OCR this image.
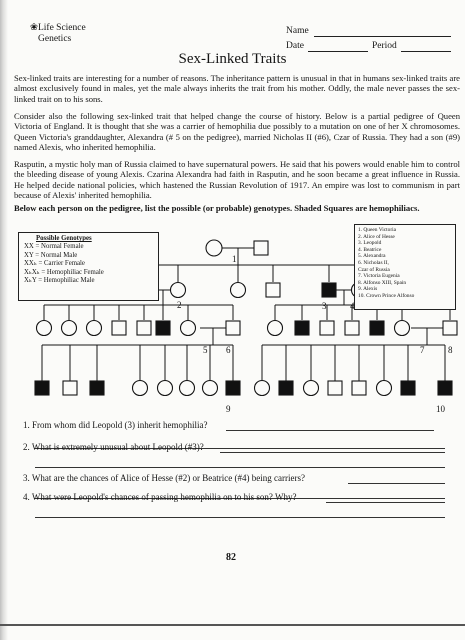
❀Life Science
Genetics
Name
Date	Period
Sex-Linked Traits

Sex-linked traits are interesting for a number of reasons. The inheritance pattern is unusual in that in humans sex-linked traits are almost exclusively found in males, yet the male always inherits the trait from his mother. Oddly, the male never passes the sex-linked trait on to his sons.

Consider also the following sex-linked trait that helped change the course of history. Below is a partial pedigree of Queen Victoria of England. It is thought that she was a carrier of hemophilia due possibly to a mutation on one of her X chromosomes. Queen Victoria's granddaughter, Alexandra (# 5 on the pedigree), married Nicholas II (#6), Czar of Russia. They had a son (#9) named Alexis, who inherited hemophilia.

Rasputin, a mystic holy man of Russia claimed to have supernatural powers. He said that his powers would enable him to control the bleeding disease of young Alexis. Czarina Alexandra had faith in Rasputin, and he soon became a great influence in Russia. He helped decide national policies, which hastened the Russian Revolution of 1917. An empire was lost to communism in part because of Alexis' inherited hemophilia.

Below each person on the pedigree, list the possible (or probable) genotypes. Shaded Squares are hemophiliacs.

1
2	3	4
5 6	7	8
9	10
Possible Genotypes
XX = Normal Female
XY = Normal Male
XXₕ = Carrier Female
XₕXₕ = Hemophiliac Female
XₕY = Hemophiliac Male
1. Queen Victoria
2. Alice of Hesse
3. Leopold
4. Beatrice
5. Alexandra
6. Nicholas II,
Czar of Russia
7. Victoria Eugenia
8. Alfonso XIII, Spain
9. Alexis
10. Crown Prince Alfonso
1. From whom did Leopold (3) inherit hemophilia?
2. What is extremely unusual about Leopold (#3)?
3. What are the chances of Alice of Hesse (#2) or Beatrice (#4) being carriers?
4. What were Leopold's chances of passing hemophilia on to his son? Why?
82
